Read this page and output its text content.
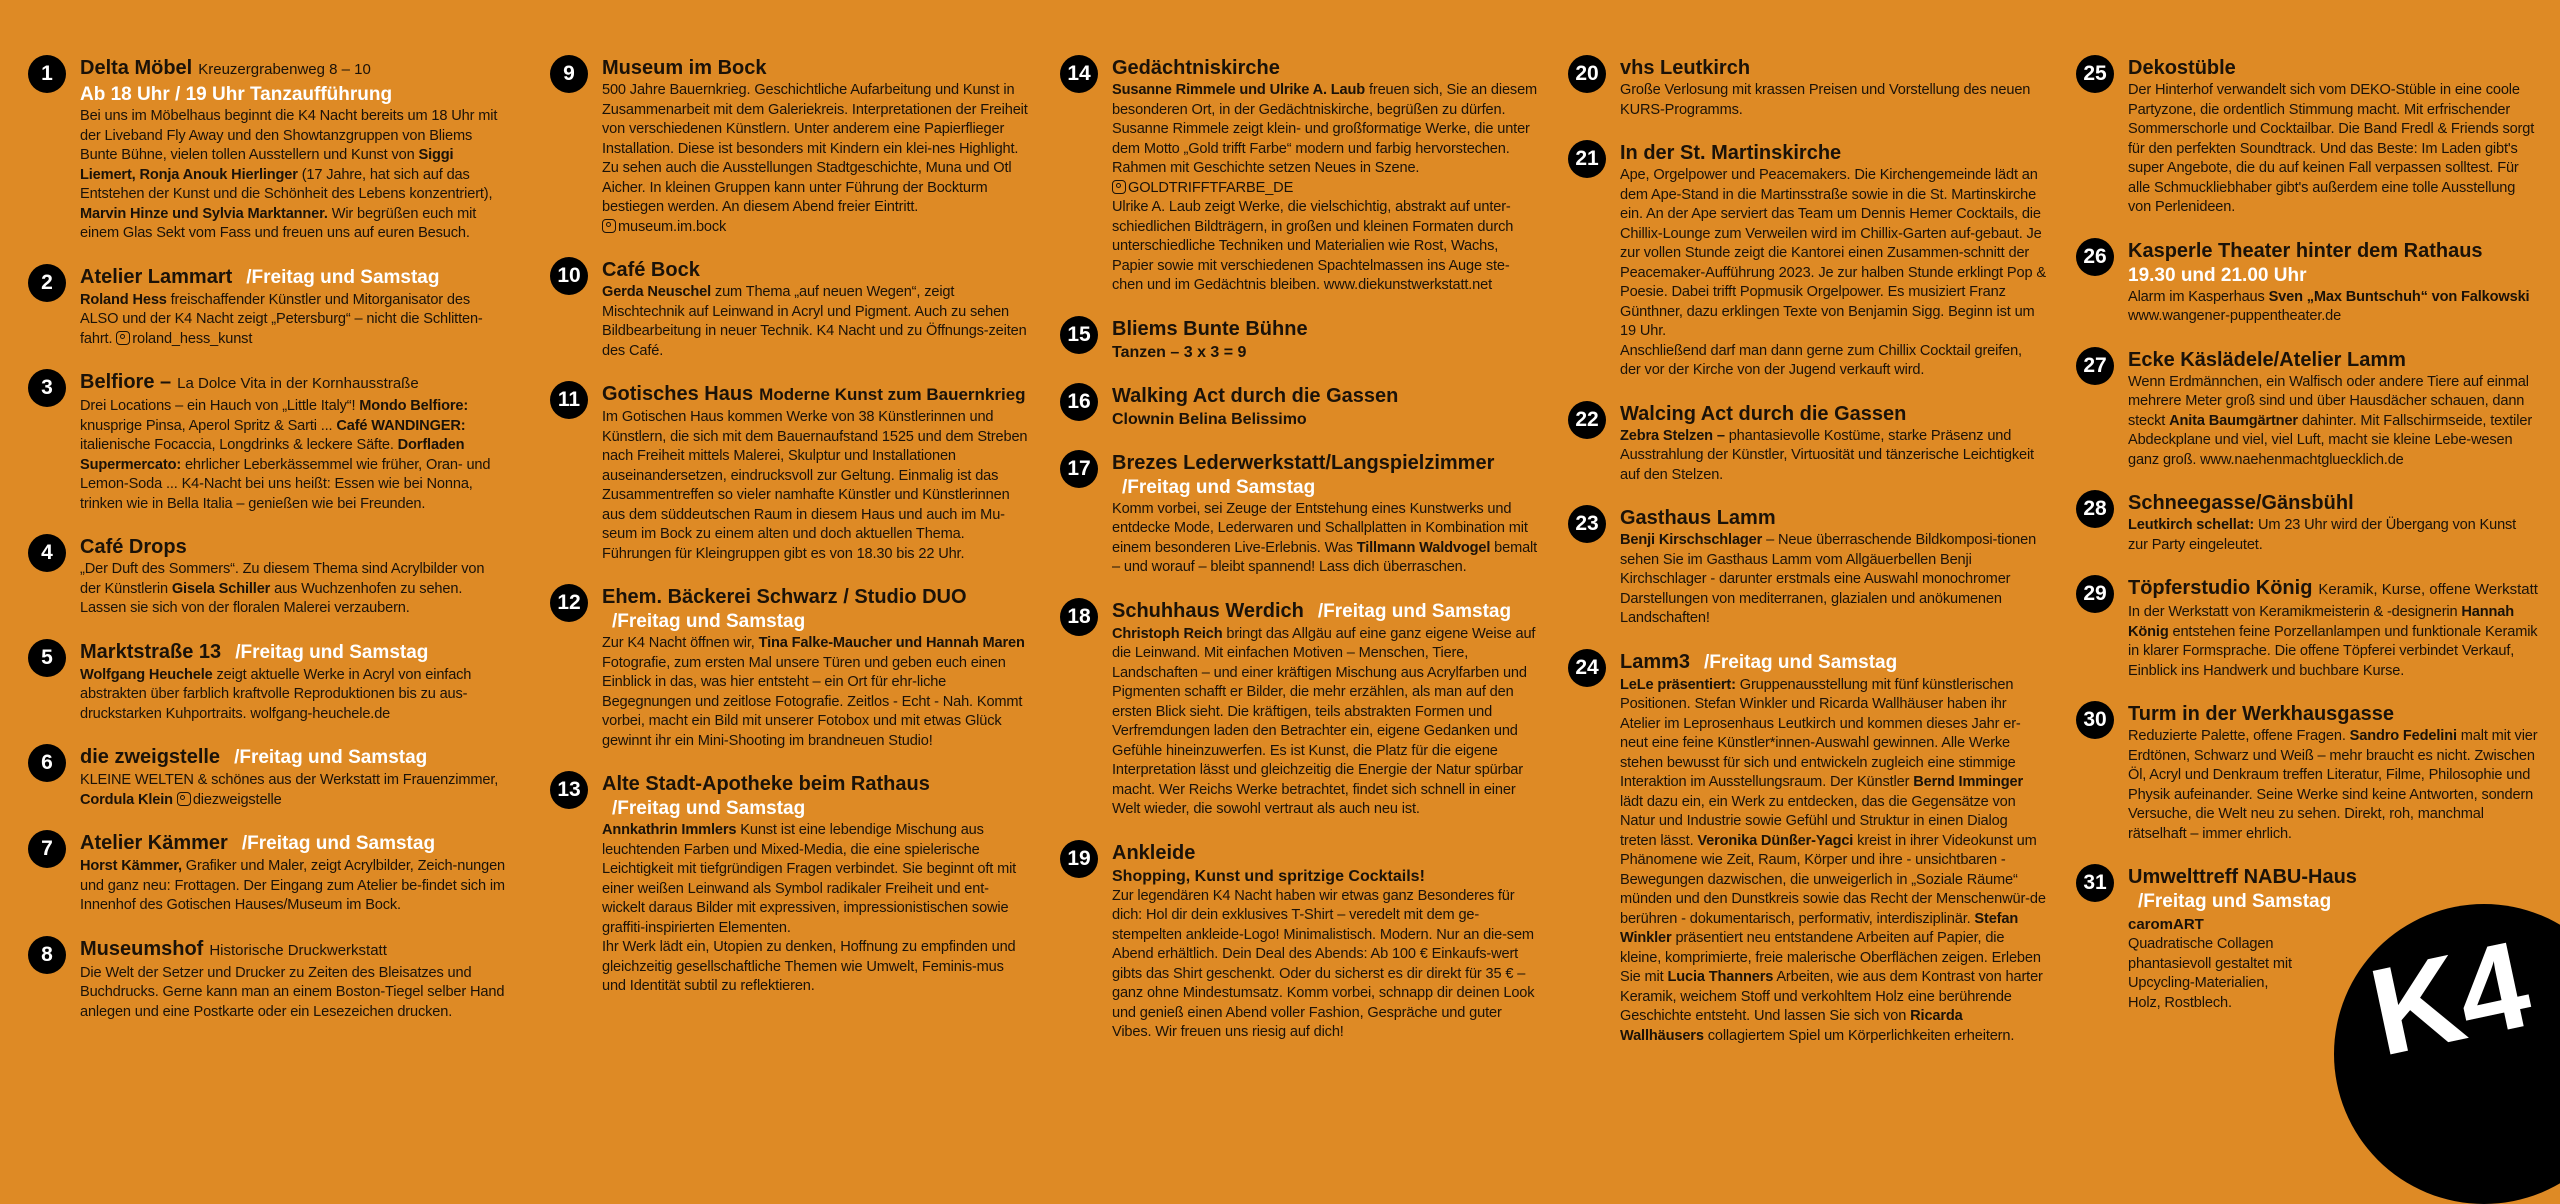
1	Delta Möbel Kreuzergrabenweg 8 – 10
Ab 18 Uhr / 19 Uhr Tanzaufführung
Bei uns im Möbelhaus beginnt die K4 Nacht bereits um 18 Uhr mit der Liveband Fly Away und den Showtanzgruppen von Bliems Bunte Bühne, vielen tollen Ausstellern und Kunst von Siggi Liemert, Ronja Anouk Hierlinger (17 Jahre, hat sich auf das Entstehen der Kunst und die Schönheit des Lebens konzentriert), Marvin Hinze und Sylvia Marktanner. Wir begrüßen euch mit einem Glas Sekt vom Fass und freuen uns auf euren Besuch.
2	Atelier Lammart /Freitag und Samstag
Roland Hess freischaffender Künstler und Mitorganisator des ALSO und der K4 Nacht zeigt „Petersburg“ – nicht die Schlitten-fahrt. roland_hess_kunst
3	Belfiore – La Dolce Vita in der Kornhausstraße
Drei Locations – ein Hauch von „Little Italy“! Mondo Belfiore: knusprige Pinsa, Aperol Spritz & Sarti ... Café WANDINGER: italienische Focaccia, Longdrinks & leckere Säfte. Dorfladen Supermercato: ehrlicher Leberkässemmel wie früher, Oran- und Lemon-Soda ... K4-Nacht bei uns heißt: Essen wie bei Nonna, trinken wie in Bella Italia – genießen wie bei Freunden.
4	Café Drops
„Der Duft des Sommers“. Zu diesem Thema sind Acrylbilder von der Künstlerin Gisela Schiller aus Wuchzenhofen zu sehen. Lassen sie sich von der floralen Malerei verzaubern.
5	Marktstraße 13 /Freitag und Samstag
Wolfgang Heuchele zeigt aktuelle Werke in Acryl von einfach abstrakten über farblich kraftvolle Reproduktionen bis zu aus-druckstarken Kuhportraits. wolfgang-heuchele.de
6	die zweigstelle /Freitag und Samstag
KLEINE WELTEN & schönes aus der Werkstatt im Frauenzimmer, Cordula Klein diezweigstelle
7	Atelier Kämmer /Freitag und Samstag
Horst Kämmer, Grafiker und Maler, zeigt Acrylbilder, Zeich-nungen und ganz neu: Frottagen. Der Eingang zum Atelier be-findet sich im Innenhof des Gotischen Hauses/Museum im Bock.
8	Museumshof Historische Druckwerkstatt
Die Welt der Setzer und Drucker zu Zeiten des Bleisatzes und Buchdrucks. Gerne kann man an einem Boston-Tiegel selber Hand anlegen und eine Postkarte oder ein Lesezeichen drucken.
9	Museum im Bock
500 Jahre Bauernkrieg. Geschichtliche Aufarbeitung und Kunst in Zusammenarbeit mit dem Galeriekreis. Interpretationen der Freiheit von verschiedenen Künstlern. Unter anderem eine Papierflieger Installation. Diese ist besonders mit Kindern ein klei-nes Highlight. Zu sehen auch die Ausstellungen Stadtgeschichte, Muna und Otl Aicher. In kleinen Gruppen kann unter Führung der Bockturm bestiegen werden. An diesem Abend freier Eintritt.
museum.im.bock
10	Café Bock
Gerda Neuschel zum Thema „auf neuen Wegen“, zeigt Mischtechnik auf Leinwand in Acryl und Pigment. Auch zu sehen Bildbearbeitung in neuer Technik. K4 Nacht und zu Öffnungs-zeiten des Café.
11	Gotisches Haus Moderne Kunst zum Bauernkrieg
Im Gotischen Haus kommen Werke von 38 Künstlerinnen und Künstlern, die sich mit dem Bauernaufstand 1525 und dem Streben nach Freiheit mittels Malerei, Skulptur und Installationen auseinandersetzen, eindrucksvoll zur Geltung. Einmalig ist das Zusammentreffen so vieler namhafte Künstler und Künstlerinnen aus dem süddeutschen Raum in diesem Haus und auch im Mu-seum im Bock zu einem alten und doch aktuellen Thema. Führungen für Kleingruppen gibt es von 18.30 bis 22 Uhr.
12	Ehem. Bäckerei Schwarz / Studio DUO
/Freitag und Samstag
Zur K4 Nacht öffnen wir, Tina Falke-Maucher und Hannah Maren Fotografie, zum ersten Mal unsere Türen und geben euch einen Einblick in das, was hier entsteht – ein Ort für ehr-liche Begegnungen und zeitlose Fotografie. Zeitlos - Echt - Nah. Kommt vorbei, macht ein Bild mit unserer Fotobox und mit etwas Glück gewinnt ihr ein Mini-Shooting im brandneuen Studio!
13	Alte Stadt-Apotheke beim Rathaus
/Freitag und Samstag
Annkathrin Immlers Kunst ist eine lebendige Mischung aus leuchtenden Farben und Mixed-Media, die eine spielerische Leichtigkeit mit tiefgründigen Fragen verbindet. Sie beginnt oft mit einer weißen Leinwand als Symbol radikaler Freiheit und ent-wickelt daraus Bilder mit expressiven, impressionistischen sowie graffiti-inspirierten Elementen.
Ihr Werk lädt ein, Utopien zu denken, Hoffnung zu empfinden und gleichzeitig gesellschaftliche Themen wie Umwelt, Feminis-mus und Identität subtil zu reflektieren.
14	Gedächtniskirche
Susanne Rimmele und Ulrike A. Laub freuen sich, Sie an diesem besonderen Ort, in der Gedächtniskirche, begrüßen zu dürfen. Susanne Rimmele zeigt klein- und großformatige Werke, die unter dem Motto „Gold trifft Farbe“ modern und farbig hervorstechen. Rahmen mit Geschichte setzen Neues in Szene.
GOLDTRIFFTFARBE_DE
Ulrike A. Laub zeigt Werke, die vielschichtig, abstrakt auf unter-schiedlichen Bildträgern, in großen und kleinen Formaten durch unterschiedliche Techniken und Materialien wie Rost, Wachs, Papier sowie mit verschiedenen Spachtelmassen ins Auge ste-chen und im Gedächtnis bleiben. www.diekunstwerkstatt.net
15	Bliems Bunte Bühne
Tanzen – 3 x 3 = 9
16	Walking Act durch die Gassen
Clownin Belina Belissimo
17	Brezes Lederwerkstatt/Langspielzimmer
/Freitag und Samstag
Komm vorbei, sei Zeuge der Entstehung eines Kunstwerks und entdecke Mode, Lederwaren und Schallplatten in Kombination mit einem besonderen Live-Erlebnis. Was Tillmann Waldvogel bemalt – und worauf – bleibt spannend! Lass dich überraschen.
18	Schuhhaus Werdich /Freitag und Samstag
Christoph Reich bringt das Allgäu auf eine ganz eigene Weise auf die Leinwand. Mit einfachen Motiven – Menschen, Tiere, Landschaften – und einer kräftigen Mischung aus Acrylfarben und Pigmenten schafft er Bilder, die mehr erzählen, als man auf den ersten Blick sieht. Die kräftigen, teils abstrakten Formen und Verfremdungen laden den Betrachter ein, eigene Gedanken und Gefühle hineinzuwerfen. Es ist Kunst, die Platz für die eigene Interpretation lässt und gleichzeitig die Energie der Natur spürbar macht. Wer Reichs Werke betrachtet, findet sich schnell in einer Welt wieder, die sowohl vertraut als auch neu ist.
19	Ankleide
Shopping, Kunst und spritzige Cocktails!
Zur legendären K4 Nacht haben wir etwas ganz Besonderes für dich: Hol dir dein exklusives T-Shirt – veredelt mit dem ge-stempelten ankleide-Logo! Minimalistisch. Modern. Nur an die-sem Abend erhältlich. Dein Deal des Abends: Ab 100 € Einkaufs-wert gibts das Shirt geschenkt. Oder du sicherst es dir direkt für 35 € – ganz ohne Mindestumsatz. Komm vorbei, schnapp dir deinen Look und genieß einen Abend voller Fashion, Gespräche und guter Vibes. Wir freuen uns riesig auf dich!
20	vhs Leutkirch
Große Verlosung mit krassen Preisen und Vorstellung des neuen KURS-Programms.
21	In der St. Martinskirche
Ape, Orgelpower und Peacemakers. Die Kirchengemeinde lädt an dem Ape-Stand in die Martinsstraße sowie in die St. Martinskirche ein. An der Ape serviert das Team um Dennis Hemer Cocktails, die Chillix-Lounge zum Verweilen wird im Chillix-Garten auf-gebaut. Je zur vollen Stunde zeigt die Kantorei einen Zusammen-schnitt der Peacemaker-Aufführung 2023. Je zur halben Stunde erklingt Pop & Poesie. Dabei trifft Popmusik Orgelpower. Es musiziert Franz Günthner, dazu erklingen Texte von Benjamin Sigg. Beginn ist um 19 Uhr.
Anschließend darf man dann gerne zum Chillix Cocktail greifen, der vor der Kirche von der Jugend verkauft wird.
22	Walcing Act durch die Gassen
Zebra Stelzen – phantasievolle Kostüme, starke Präsenz und Ausstrahlung der Künstler, Virtuosität und tänzerische Leichtigkeit auf den Stelzen.
23	Gasthaus Lamm
Benji Kirschschlager – Neue überraschende Bildkomposi-tionen sehen Sie im Gasthaus Lamm vom Allgäuerbellen Benji Kirchschlager - darunter erstmals eine Auswahl monochromer Darstellungen von mediterranen, glazialen und anökumenen Landschaften!
24	Lamm3 /Freitag und Samstag
LeLe präsentiert: Gruppenausstellung mit fünf künstlerischen Positionen. Stefan Winkler und Ricarda Wallhäuser haben ihr Atelier im Leprosenhaus Leutkirch und kommen dieses Jahr er-neut eine feine Künstler*innen-Auswahl gewinnen. Alle Werke stehen bewusst für sich und entwickeln zugleich eine stimmige Interaktion im Ausstellungsraum. Der Künstler Bernd Imminger lädt dazu ein, ein Werk zu entdecken, das die Gegensätze von Natur und Industrie sowie Gefühl und Struktur in einen Dialog treten lässt. Veronika Dünßer-Yagci kreist in ihrer Videokunst um Phänomene wie Zeit, Raum, Körper und ihre - unsichtbaren - Bewegungen dazwischen, die unweigerlich in „Soziale Räume“ münden und den Dunstkreis sowie das Recht der Menschenwür-de berühren - dokumentarisch, performativ, interdisziplinär. Stefan Winkler präsentiert neu entstandene Arbeiten auf Papier, die kleine, komprimierte, freie malerische Oberflächen zeigen. Erleben Sie mit Lucia Thanners Arbeiten, wie aus dem Kontrast von harter Keramik, weichem Stoff und verkohltem Holz eine berührende Geschichte entsteht. Und lassen Sie sich von Ricarda Wallhäusers collagiertem Spiel um Körperlichkeiten erheitern.
25	Dekostüble
Der Hinterhof verwandelt sich vom DEKO-Stüble in eine coole Partyzone, die ordentlich Stimmung macht. Mit erfrischender Sommerschorle und Cocktailbar. Die Band Fredl & Friends sorgt für den perfekten Soundtrack. Und das Beste: Im Laden gibt's super Angebote, die du auf keinen Fall verpassen solltest. Für alle Schmuckliebhaber gibt's außerdem eine tolle Ausstellung von Perlenideen.
26	Kasperle Theater hinter dem Rathaus
19.30 und 21.00 Uhr
Alarm im Kasperhaus Sven „Max Buntschuh“ von Falkowski www.wangener-puppentheater.de
27	Ecke Käslädele/Atelier Lamm
Wenn Erdmännchen, ein Walfisch oder andere Tiere auf einmal mehrere Meter groß sind und über Hausdächer schauen, dann steckt Anita Baumgärtner dahinter. Mit Fallschirmseide, textiler Abdeckplane und viel, viel Luft, macht sie kleine Lebe-wesen ganz groß. www.naehenmachtgluecklich.de
28	Schneegasse/Gänsbühl
Leutkirch schellat: Um 23 Uhr wird der Übergang von Kunst zur Party eingeleutet.
29	Töpferstudio König Keramik, Kurse, offene Werkstatt
In der Werkstatt von Keramikmeisterin & -designerin Hannah König entstehen feine Porzellanlampen und funktionale Keramik in klarer Formsprache. Die offene Töpferei verbindet Verkauf, Einblick ins Handwerk und buchbare Kurse.
30	Turm in der Werkhausgasse
Reduzierte Palette, offene Fragen. Sandro Fedelini malt mit vier Erdtönen, Schwarz und Weiß – mehr braucht es nicht. Zwischen Öl, Acryl und Denkraum treffen Literatur, Filme, Philosophie und Physik aufeinander. Seine Werke sind keine Antworten, sondern Versuche, die Welt neu zu sehen. Direkt, roh, manchmal rätselhaft – immer ehrlich.
31	Umwelttreff NABU-Haus
/Freitag und Samstag
caromART
Quadratische Collagen
phantasievoll gestaltet mit
Upcycling-Materialien,
Holz, Rostblech.	K4
